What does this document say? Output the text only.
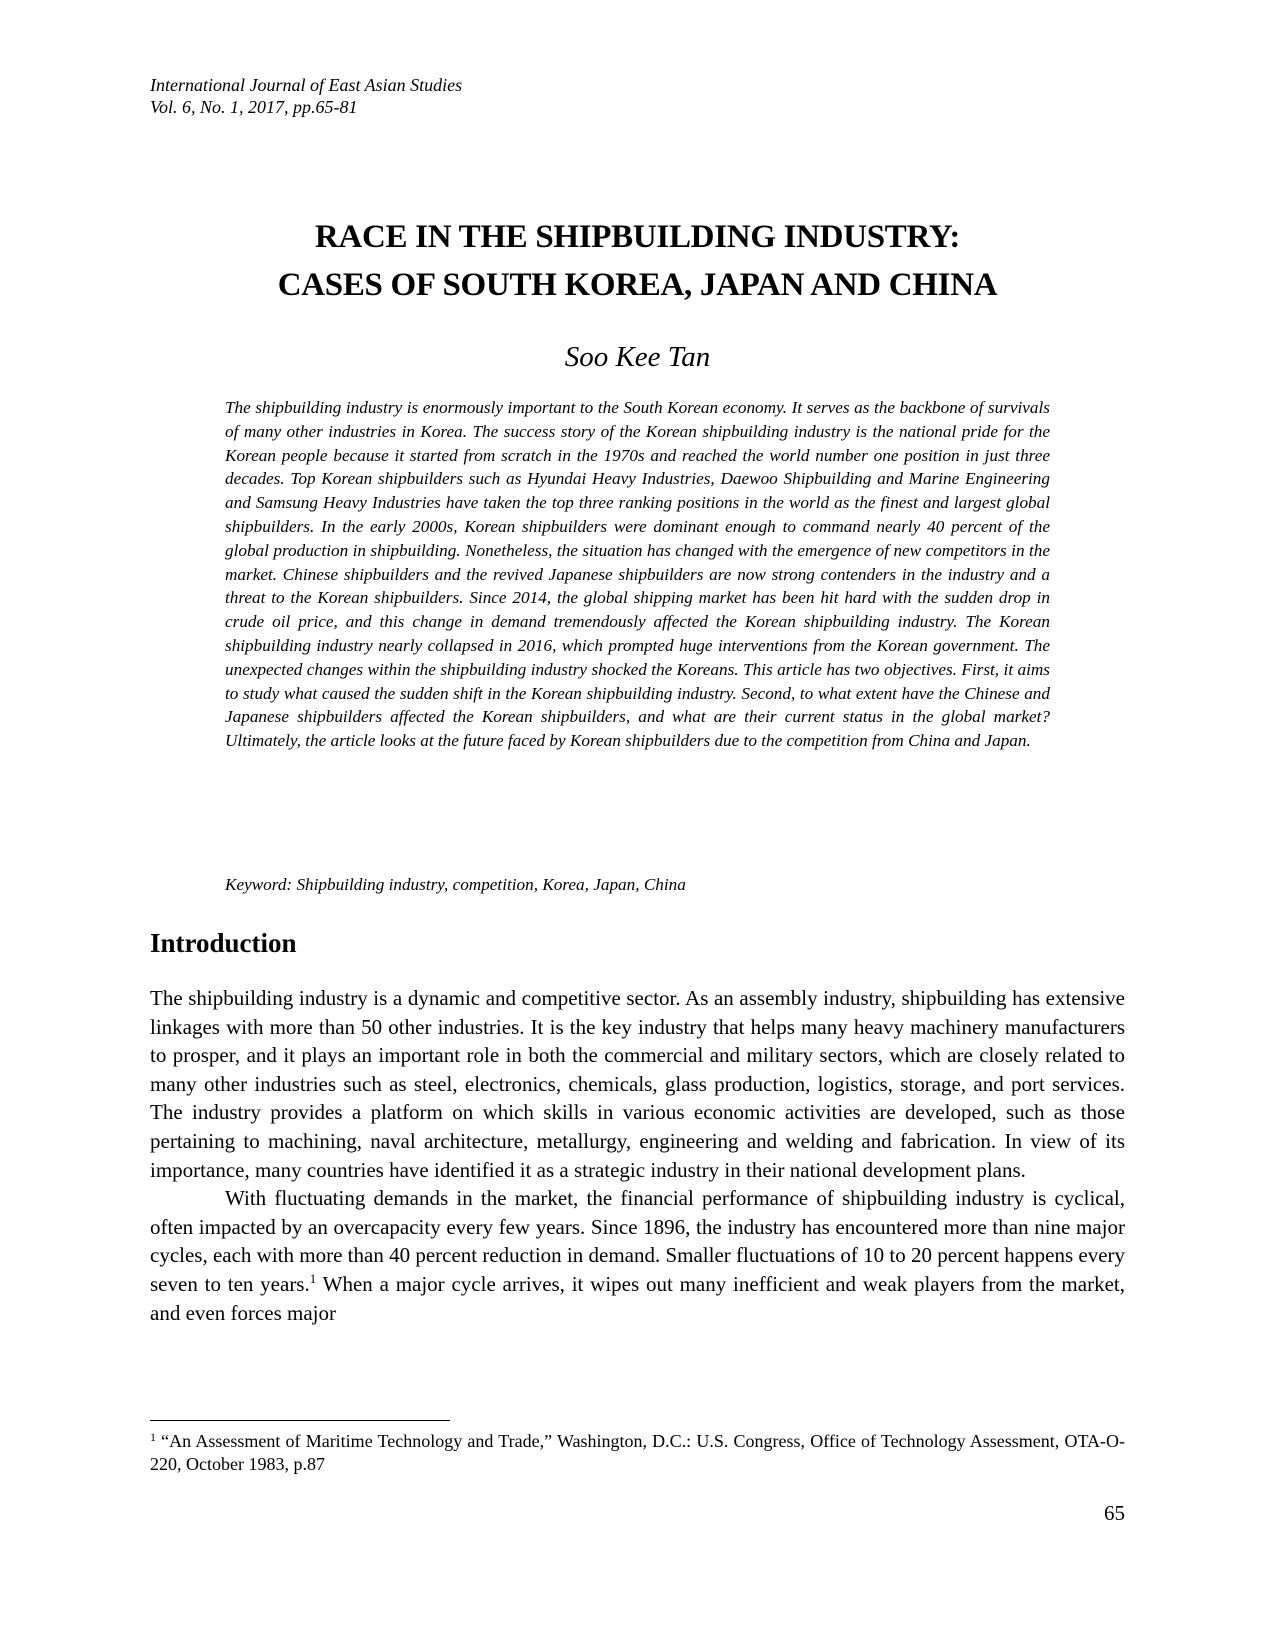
International Journal of East Asian Studies
Vol. 6, No. 1, 2017, pp.65-81
RACE IN THE SHIPBUILDING INDUSTRY:
CASES OF SOUTH KOREA, JAPAN AND CHINA
Soo Kee Tan

The shipbuilding industry is enormously important to the South Korean economy. It serves as the backbone of survivals of many other industries in Korea. The success story of the Korean shipbuilding industry is the national pride for the Korean people because it started from scratch in the 1970s and reached the world number one position in just three decades. Top Korean shipbuilders such as Hyundai Heavy Industries, Daewoo Shipbuilding and Marine Engineering and Samsung Heavy Industries have taken the top three ranking positions in the world as the finest and largest global shipbuilders. In the early 2000s, Korean shipbuilders were dominant enough to command nearly 40 percent of the global production in shipbuilding. Nonetheless, the situation has changed with the emergence of new competitors in the market. Chinese shipbuilders and the revived Japanese shipbuilders are now strong contenders in the industry and a threat to the Korean shipbuilders. Since 2014, the global shipping market has been hit hard with the sudden drop in crude oil price, and this change in demand tremendously affected the Korean shipbuilding industry. The Korean shipbuilding industry nearly collapsed in 2016, which prompted huge interventions from the Korean government. The unexpected changes within the shipbuilding industry shocked the Koreans. This article has two objectives. First, it aims to study what caused the sudden shift in the Korean shipbuilding industry. Second, to what extent have the Chinese and Japanese shipbuilders affected the Korean shipbuilders, and what are their current status in the global market? Ultimately, the article looks at the future faced by Korean shipbuilders due to the competition from China and Japan.

Keyword: Shipbuilding industry, competition, Korea, Japan, China
Introduction

The shipbuilding industry is a dynamic and competitive sector. As an assembly industry, shipbuilding has extensive linkages with more than 50 other industries. It is the key industry that helps many heavy machinery manufacturers to prosper, and it plays an important role in both the commercial and military sectors, which are closely related to many other industries such as steel, electronics, chemicals, glass production, logistics, storage, and port services. The industry provides a platform on which skills in various economic activities are developed, such as those pertaining to machining, naval architecture, metallurgy, engineering and welding and fabrication. In view of its importance, many countries have identified it as a strategic industry in their national development plans.

With fluctuating demands in the market, the financial performance of shipbuilding industry is cyclical, often impacted by an overcapacity every few years. Since 1896, the industry has encountered more than nine major cycles, each with more than 40 percent reduction in demand. Smaller fluctuations of 10 to 20 percent happens every seven to ten years.$^1$ When a major cycle arrives, it wipes out many inefficient and weak players from the market, and even forces major

$^1$ “An Assessment of Maritime Technology and Trade,” Washington, D.C.: U.S. Congress, Office of Technology Assessment, OTA-O-220, October 1983, p.87
65
